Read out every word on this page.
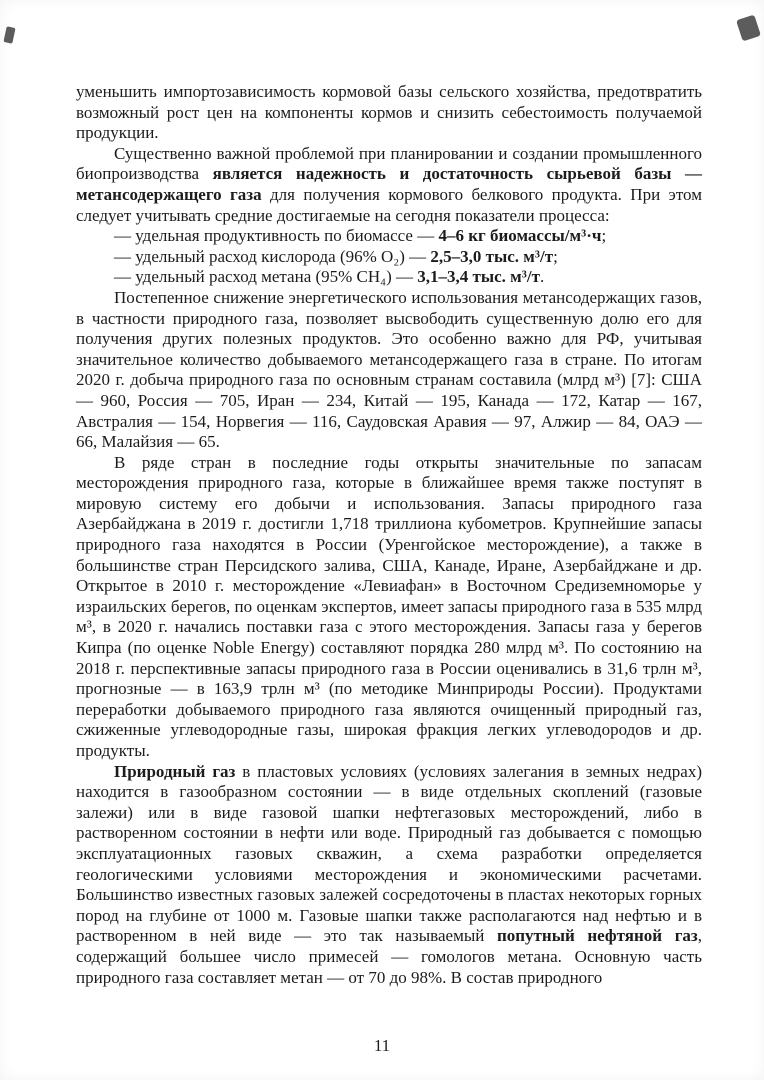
уменьшить импортозависимость кормовой базы сельского хозяйства, предотвратить возможный рост цен на компоненты кормов и снизить себестоимость получаемой продукции.

Существенно важной проблемой при планировании и создании промышленного биопроизводства является надежность и достаточность сырьевой базы — метансодержащего газа для получения кормового белкового продукта. При этом следует учитывать средние достигаемые на сегодня показатели процесса:

— удельная продуктивность по биомассе — 4–6 кг биомассы/м³·ч;

— удельный расход кислорода (96% O₂) — 2,5–3,0 тыс. м³/т;

— удельный расход метана (95% CH₄) — 3,1–3,4 тыс. м³/т.

Постепенное снижение энергетического использования метансодержащих газов, в частности природного газа, позволяет высвободить существенную долю его для получения других полезных продуктов. Это особенно важно для РФ, учитывая значительное количество добываемого метансодержащего газа в стране. По итогам 2020 г. добыча природного газа по основным странам составила (млрд м³) [7]: США — 960, Россия — 705, Иран — 234, Китай — 195, Канада — 172, Катар — 167, Австралия — 154, Норвегия — 116, Саудовская Аравия — 97, Алжир — 84, ОАЭ — 66, Малайзия — 65.

В ряде стран в последние годы открыты значительные по запасам месторождения природного газа, которые в ближайшее время также поступят в мировую систему его добычи и использования. Запасы природного газа Азербайджана в 2019 г. достигли 1,718 триллиона кубометров. Крупнейшие запасы природного газа находятся в России (Уренгойское месторождение), а также в большинстве стран Персидского залива, США, Канаде, Иране, Азербайджане и др. Открытое в 2010 г. месторождение «Левиафан» в Восточном Средиземноморье у израильских берегов, по оценкам экспертов, имеет запасы природного газа в 535 млрд м³, в 2020 г. начались поставки газа с этого месторождения. Запасы газа у берегов Кипра (по оценке Noble Energy) составляют порядка 280 млрд м³. По состоянию на 2018 г. перспективные запасы природного газа в России оценивались в 31,6 трлн м³, прогнозные — в 163,9 трлн м³ (по методике Минприроды России). Продуктами переработки добываемого природного газа являются очищенный природный газ, сжиженные углеводородные газы, широкая фракция легких углеводородов и др. продукты.

Природный газ в пластовых условиях (условиях залегания в земных недрах) находится в газообразном состоянии — в виде отдельных скоплений (газовые залежи) или в виде газовой шапки нефтегазовых месторождений, либо в растворенном состоянии в нефти или воде. Природный газ добывается с помощью эксплуатационных газовых скважин, а схема разработки определяется геологическими условиями месторождения и экономическими расчетами. Большинство известных газовых залежей сосредоточены в пластах некоторых горных пород на глубине от 1000 м. Газовые шапки также располагаются над нефтью и в растворенном в ней виде — это так называемый попутный нефтяной газ, содержащий большее число примесей — гомологов метана. Основную часть природного газа составляет метан — от 70 до 98%. В состав природного

11
